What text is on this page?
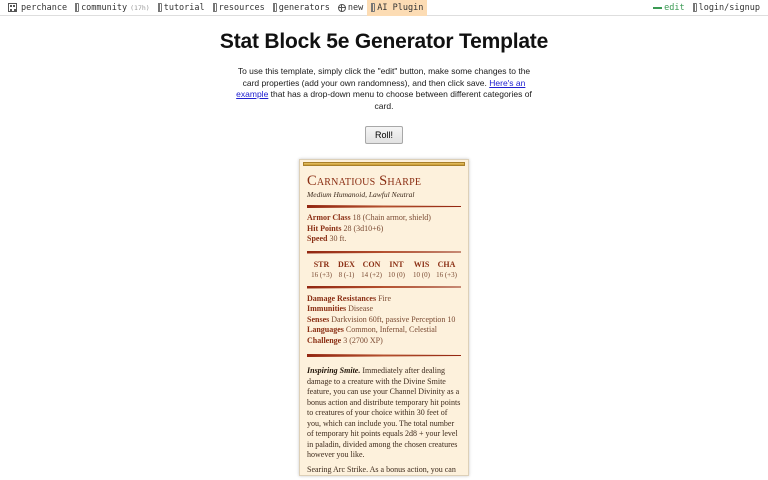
perchance community (17h) tutorial resources generators new AI Plugin	edit login/signup
Stat Block 5e Generator Template

To use this template, simply click the "edit" button, make some changes to the card properties (add your own randomness), and then click save. Here's an example that has a drop-down menu to choose between different categories of card.

Roll!
Carnatious Sharpe
Medium Humanoid, Lawful Neutral

Armor Class 18 (Chain armor, shield)

Hit Points 28 (3d10+6)

Speed 30 ft.

STR
16 (+3)
DEX
8 (-1)
CON
14 (+2)
INT
10 (0)
WIS
10 (0)
CHA
16 (+3)

Damage Resistances Fire

Immunities Disease

Senses Darkvision 60ft, passive Perception 10

Languages Common, Infernal, Celestial

Challenge 3 (2700 XP)

Inspiring Smite. Immediately after dealing damage to a creature with the Divine Smite feature, you can use your Channel Divinity as a bonus action and distribute temporary hit points to creatures of your choice within 30 feet of you, which can include you. The total number of temporary hit points equals 2d8 + your level in paladin, divided among the chosen creatures however you like.

Searing Arc Strike. As a bonus action, you can
